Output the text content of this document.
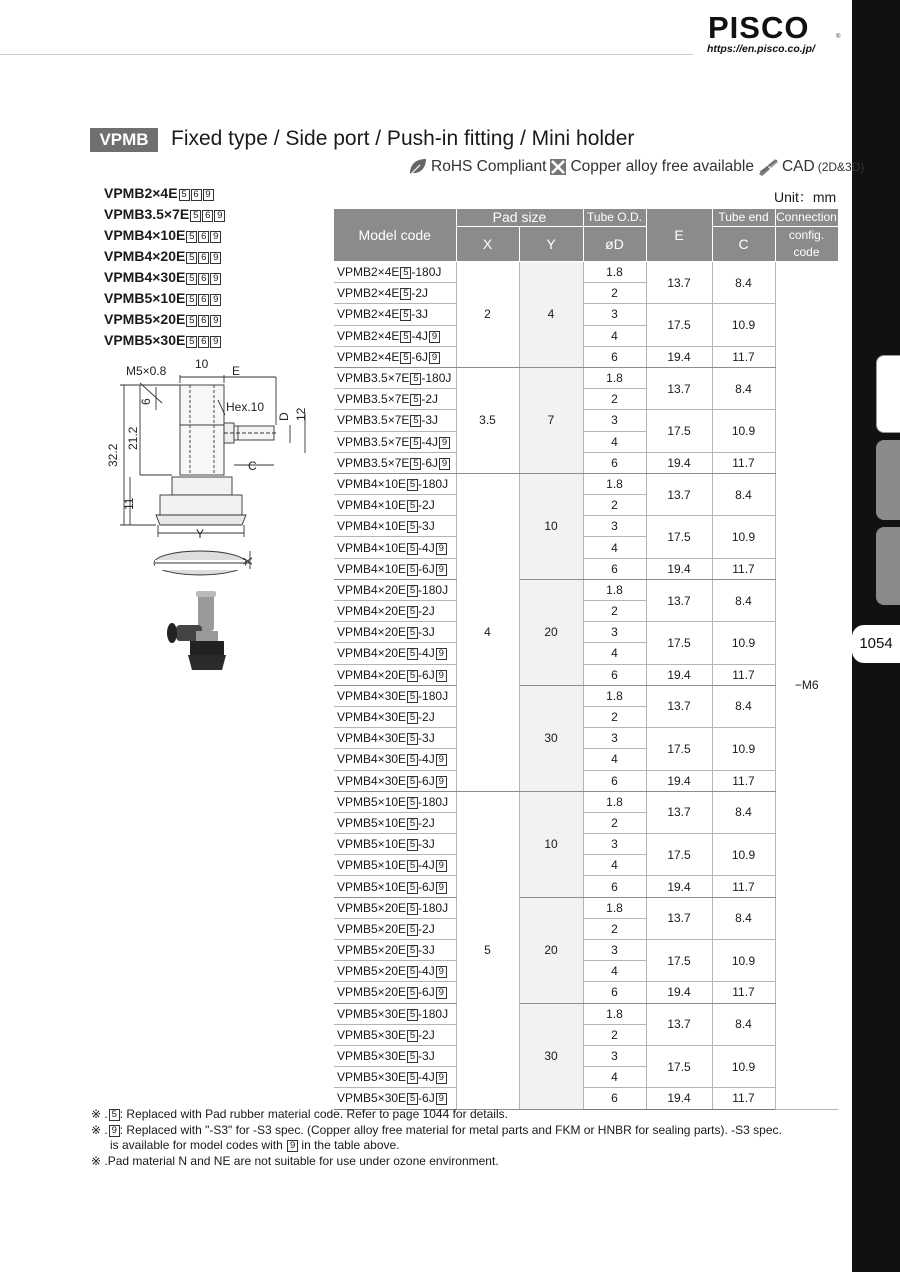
1054
PISCO	®
https://en.pisco.co.jp/
VPMB	Fixed type / Side port / Push-in fitting / Mini holder
RoHS Compliant Copper alloy free available CAD (2D&3D)
Unit：mm
VPMB2×4E 5 6 9
VPMB3.5×7E 5 6 9
VPMB4×10E 5 6 9
VPMB4×20E 5 6 9
VPMB4×30E 5 6 9
VPMB5×10E 5 6 9
VPMB5×20E 5 6 9
VPMB5×30E 5 6 9
M5×0.8 10 E
6	Hex.10
D 12
21.2
32.2	C
11
Y
X
Model code	Pad size		Tube O.D.	E	Tube end	Connection
	X	Y	øD		C	config. code
VPMB2×4E 5 -180J	2	4	1.8	13.7	8.4	−M6
VPMB2×4E 5 -2J			2			
VPMB2×4E 5 -3J			3	17.5	10.9	
VPMB2×4E 5 -4J 9			4			
VPMB2×4E 5 -6J 9			6	19.4	11.7	
VPMB3.5×7E 5 -180J	3.5	7	1.8	13.7	8.4	
VPMB3.5×7E 5 -2J			2			
VPMB3.5×7E 5 -3J			3	17.5	10.9	
VPMB3.5×7E 5 -4J 9			4			
VPMB3.5×7E 5 -6J 9			6	19.4	11.7	
VPMB4×10E 5 -180J	4	10	1.8	13.7	8.4	
VPMB4×10E 5 -2J			2			
VPMB4×10E 5 -3J			3	17.5	10.9	
VPMB4×10E 5 -4J 9			4			
VPMB4×10E 5 -6J 9			6	19.4	11.7	
VPMB4×20E 5 -180J		20	1.8	13.7	8.4	
VPMB4×20E 5 -2J			2			
VPMB4×20E 5 -3J			3	17.5	10.9	
VPMB4×20E 5 -4J 9			4			
VPMB4×20E 5 -6J 9			6	19.4	11.7	
VPMB4×30E 5 -180J		30	1.8	13.7	8.4	
VPMB4×30E 5 -2J			2			
VPMB4×30E 5 -3J			3	17.5	10.9	
VPMB4×30E 5 -4J 9			4			
VPMB4×30E 5 -6J 9			6	19.4	11.7	
VPMB5×10E 5 -180J	5	10	1.8	13.7	8.4	
VPMB5×10E 5 -2J			2			
VPMB5×10E 5 -3J			3	17.5	10.9	
VPMB5×10E 5 -4J 9			4			
VPMB5×10E 5 -6J 9			6	19.4	11.7	
VPMB5×20E 5 -180J		20	1.8	13.7	8.4	
VPMB5×20E 5 -2J			2			
VPMB5×20E 5 -3J			3	17.5	10.9	
VPMB5×20E 5 -4J 9			4			
VPMB5×20E 5 -6J 9			6	19.4	11.7	
VPMB5×30E 5 -180J		30	1.8	13.7	8.4	
VPMB5×30E 5 -2J			2			
VPMB5×30E 5 -3J			3	17.5	10.9	
VPMB5×30E 5 -4J 9			4			
VPMB5×30E 5 -6J 9			6	19.4	11.7	
※ . 5 : Replaced with Pad rubber material code. Refer to page 1044 for details.
※ . 9 : Replaced with "-S3" for -S3 spec. (Copper alloy free material for metal parts and FKM or HNBR for sealing parts). -S3 spec.
is available for model codes with 9 in the table above.
※ .Pad material N and NE are not suitable for use under ozone environment.
